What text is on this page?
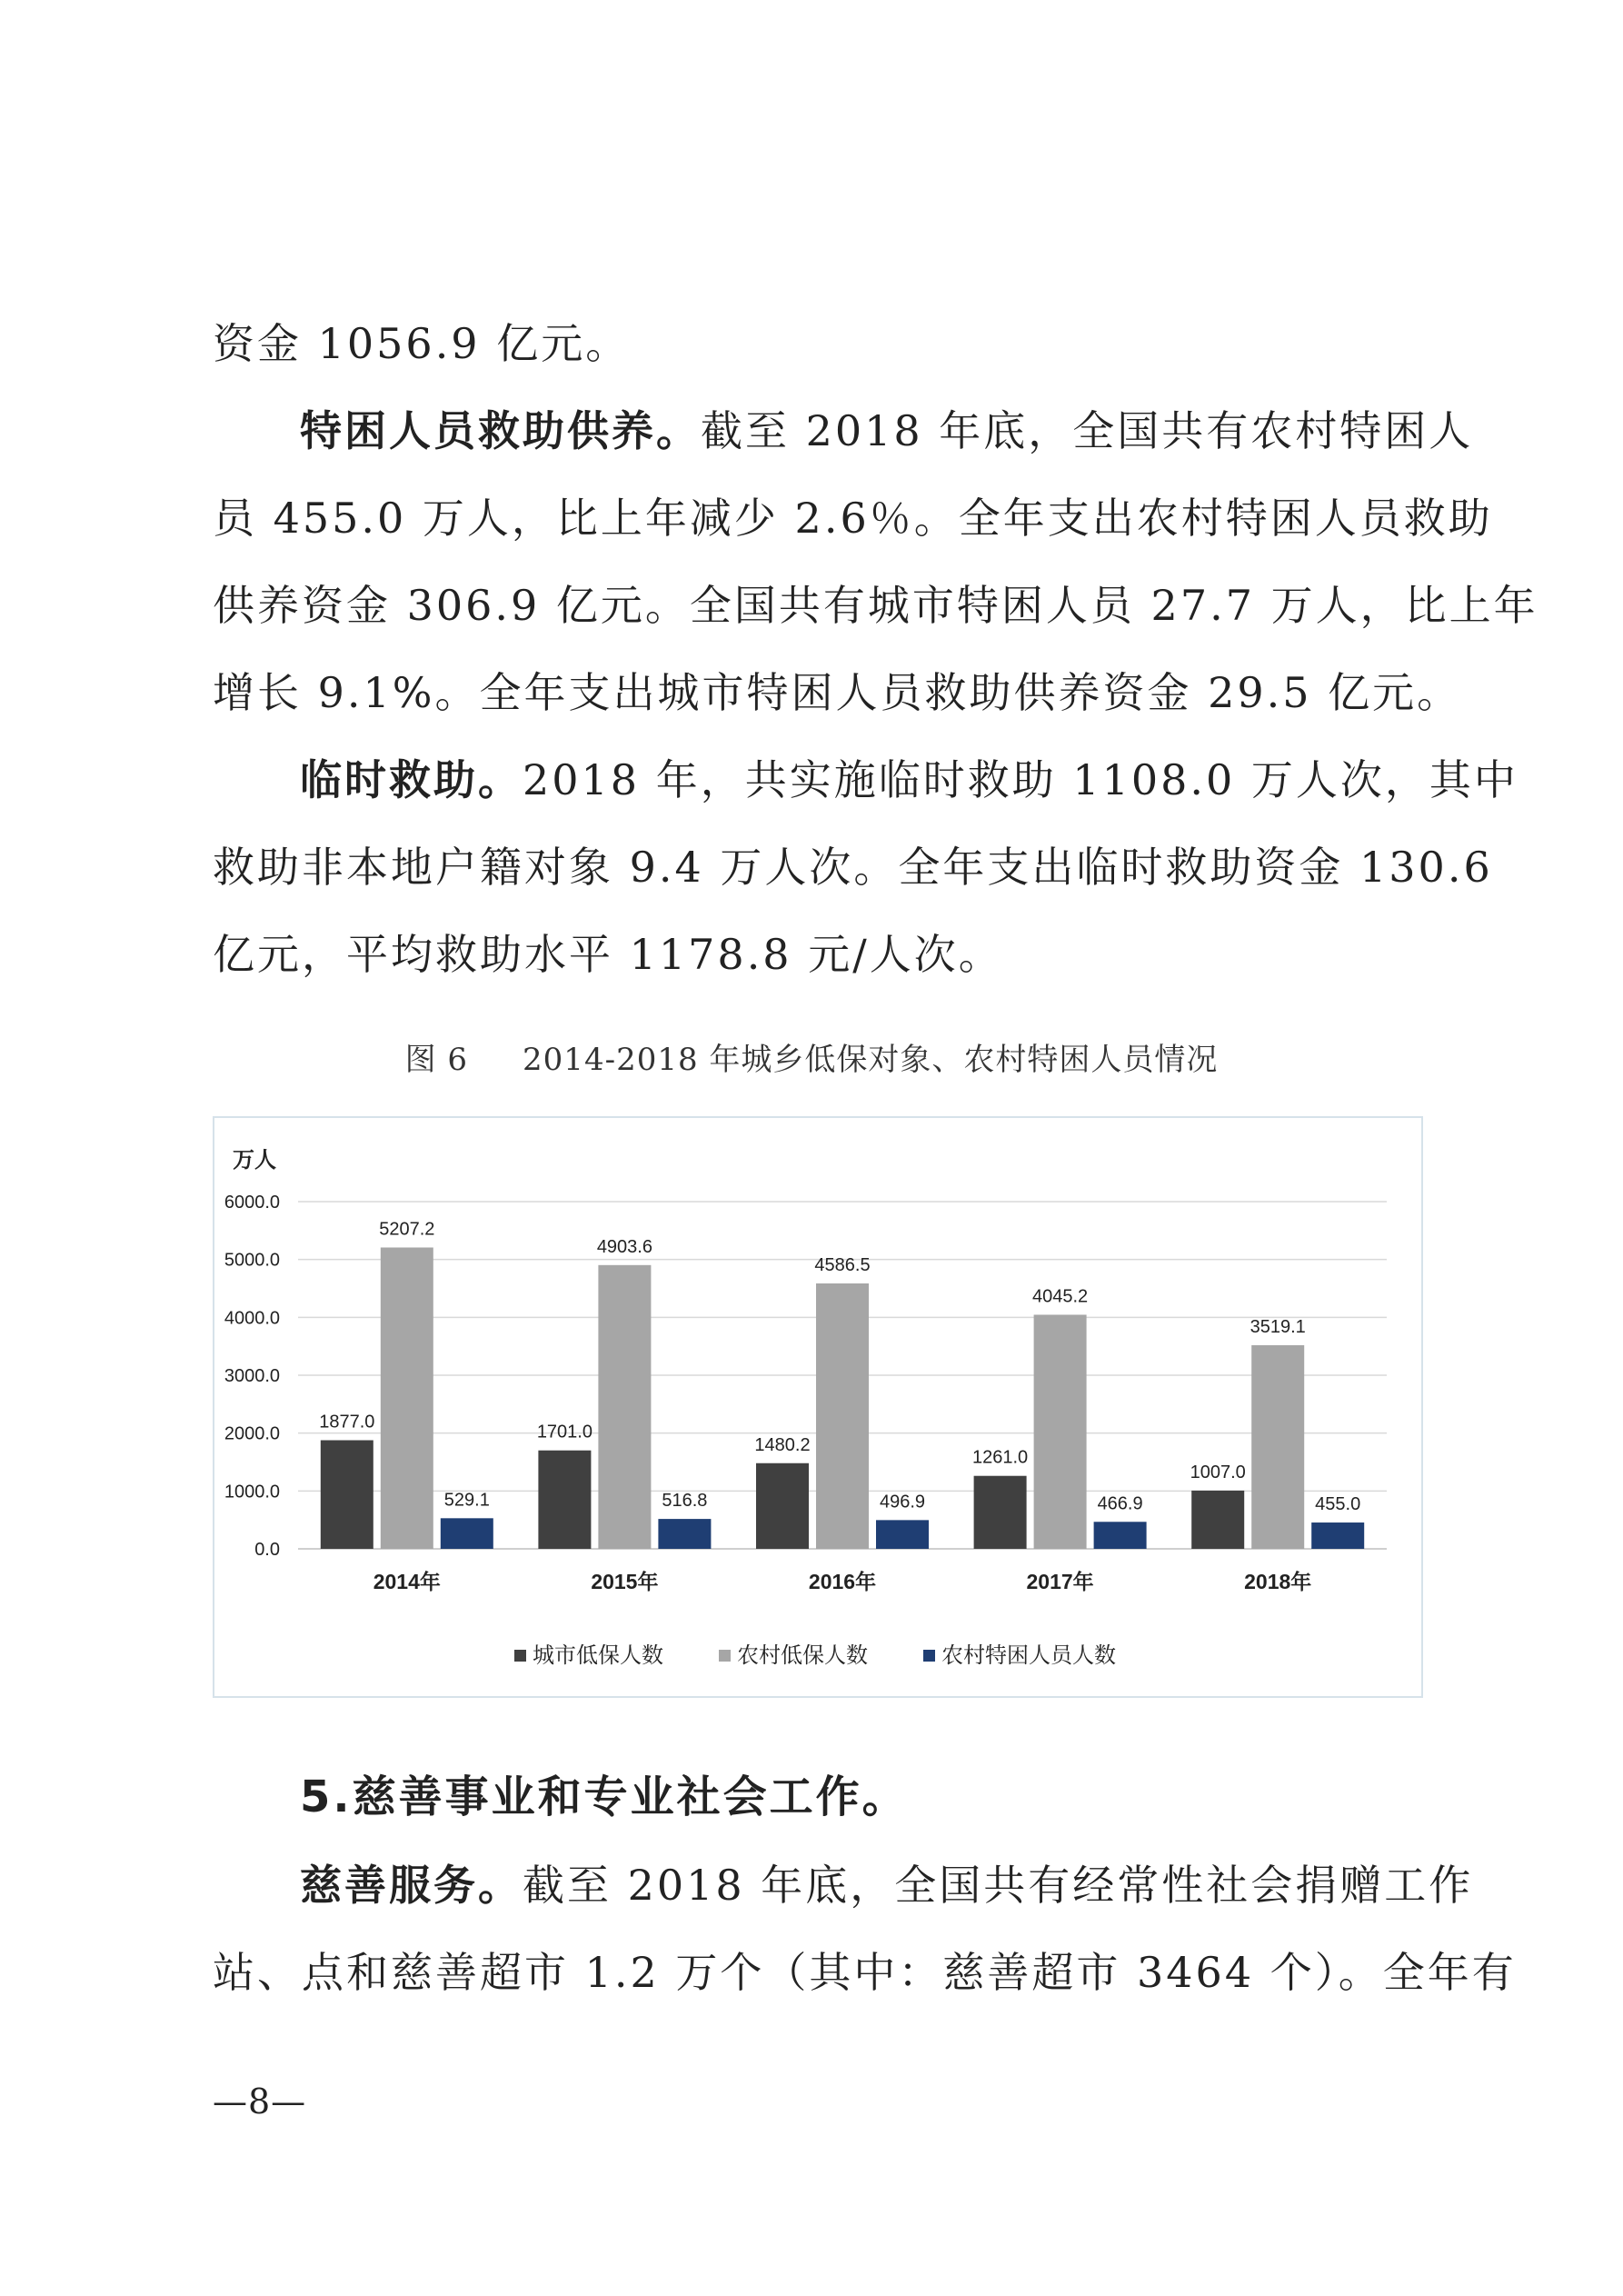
资金 1056.9 亿元。

特困人员救助供养。截至 2018 年底，全国共有农村特困人
员 455.0 万人，比上年减少 2.6％。全年支出农村特困人员救助
供养资金 306.9 亿元。全国共有城市特困人员 27.7 万人，比上年
增长 9.1%。全年支出城市特困人员救助供养资金 29.5 亿元。

临时救助。2018 年，共实施临时救助 1108.0 万人次，其中
救助非本地户籍对象 9.4 万人次。全年支出临时救助资金 130.6
亿元，平均救助水平 1178.8 元/人次。

图 6 2014-2018 年城乡低保对象、农村特困人员情况
万人
0.0
1000.0
2000.0
3000.0
4000.0
5000.0
6000.0
1877.0
5207.2
529.1
2014年
1701.0
4903.6
516.8
2015年
1480.2
4586.5
496.9
2016年
1261.0
4045.2
466.9
2017年
1007.0
3519.1
455.0
2018年
城市低保人数	农村低保人数	农村特困人员人数
5.慈善事业和专业社会工作。

慈善服务。截至 2018 年底，全国共有经常性社会捐赠工作
站、点和慈善超市 1.2 万个（其中：慈善超市 3464 个）。全年有

—8—
